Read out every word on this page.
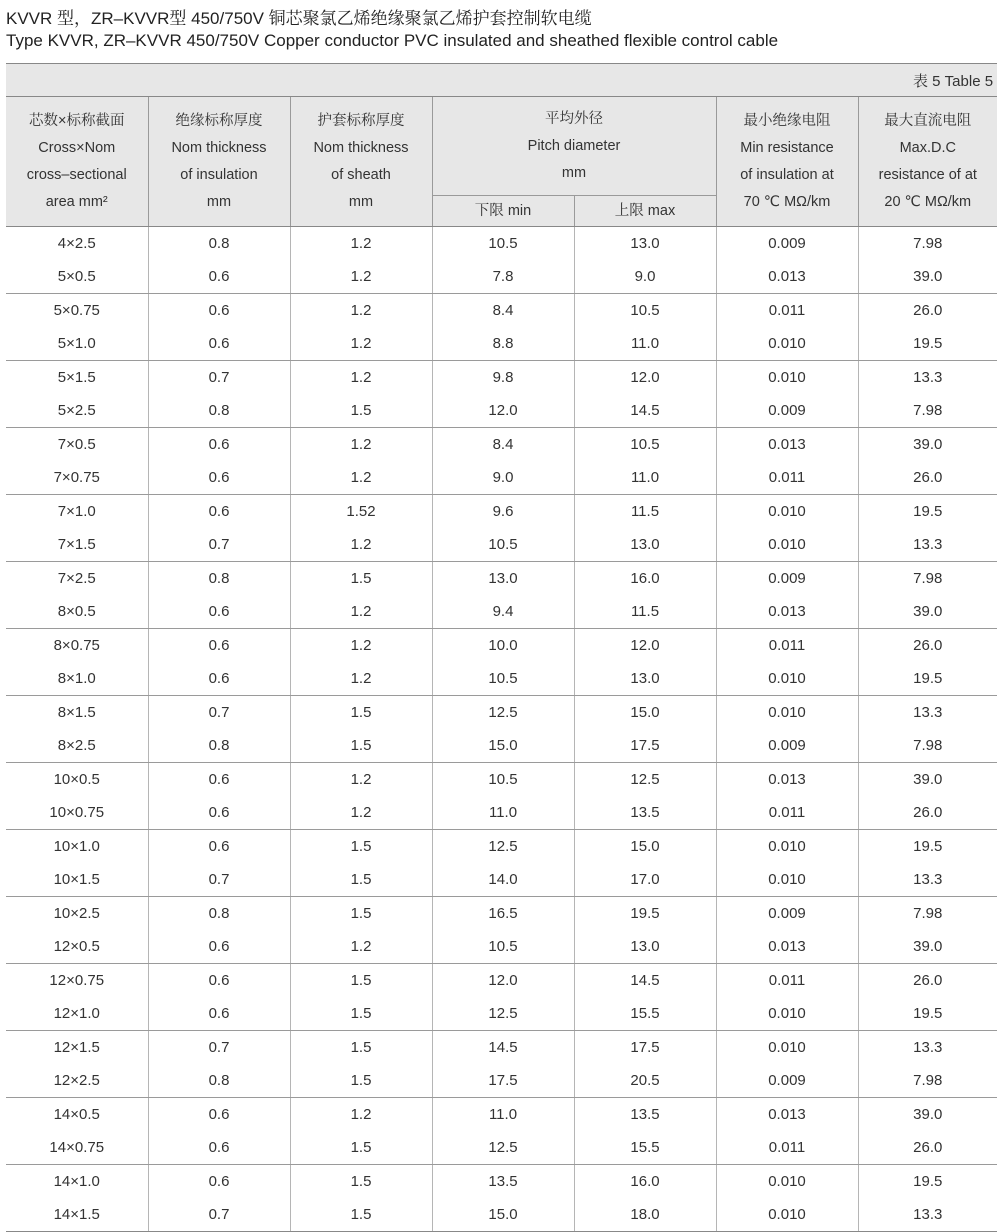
KVVR 型，ZR–KVVR型 450/750V 铜芯聚氯乙烯绝缘聚氯乙烯护套控制软电缆
Type KVVR, ZR–KVVR 450/750V Copper conductor PVC insulated and sheathed flexible control cable
表 5 Table 5						

芯数×标称截面
Cross×Nom
cross–sectional
area mm²	绝缘标称厚度
Nom thickness
of insulation
mm	护套标称厚度
Nom thickness
of sheath
mm	平均外径
Pitch diameter
mm		最小绝缘电阻
Min resistance
of insulation at
70 ℃ MΩ/km	最大直流电阻
Max.D.C
resistance of at
20 ℃ MΩ/km

			下限 min	上限 max		
4×2.5	0.8	1.2	10.5	13.0	0.009	7.98
5×0.5	0.6	1.2	7.8	9.0	0.013	39.0
5×0.75	0.6	1.2	8.4	10.5	0.011	26.0
5×1.0	0.6	1.2	8.8	11.0	0.010	19.5
5×1.5	0.7	1.2	9.8	12.0	0.010	13.3
5×2.5	0.8	1.5	12.0	14.5	0.009	7.98
7×0.5	0.6	1.2	8.4	10.5	0.013	39.0
7×0.75	0.6	1.2	9.0	11.0	0.011	26.0
7×1.0	0.6	1.52	9.6	11.5	0.010	19.5
7×1.5	0.7	1.2	10.5	13.0	0.010	13.3
7×2.5	0.8	1.5	13.0	16.0	0.009	7.98
8×0.5	0.6	1.2	9.4	11.5	0.013	39.0
8×0.75	0.6	1.2	10.0	12.0	0.011	26.0
8×1.0	0.6	1.2	10.5	13.0	0.010	19.5
8×1.5	0.7	1.5	12.5	15.0	0.010	13.3
8×2.5	0.8	1.5	15.0	17.5	0.009	7.98
10×0.5	0.6	1.2	10.5	12.5	0.013	39.0
10×0.75	0.6	1.2	11.0	13.5	0.011	26.0
10×1.0	0.6	1.5	12.5	15.0	0.010	19.5
10×1.5	0.7	1.5	14.0	17.0	0.010	13.3
10×2.5	0.8	1.5	16.5	19.5	0.009	7.98
12×0.5	0.6	1.2	10.5	13.0	0.013	39.0
12×0.75	0.6	1.5	12.0	14.5	0.011	26.0
12×1.0	0.6	1.5	12.5	15.5	0.010	19.5
12×1.5	0.7	1.5	14.5	17.5	0.010	13.3
12×2.5	0.8	1.5	17.5	20.5	0.009	7.98
14×0.5	0.6	1.2	11.0	13.5	0.013	39.0
14×0.75	0.6	1.5	12.5	15.5	0.011	26.0
14×1.0	0.6	1.5	13.5	16.0	0.010	19.5
14×1.5	0.7	1.5	15.0	18.0	0.010	13.3
